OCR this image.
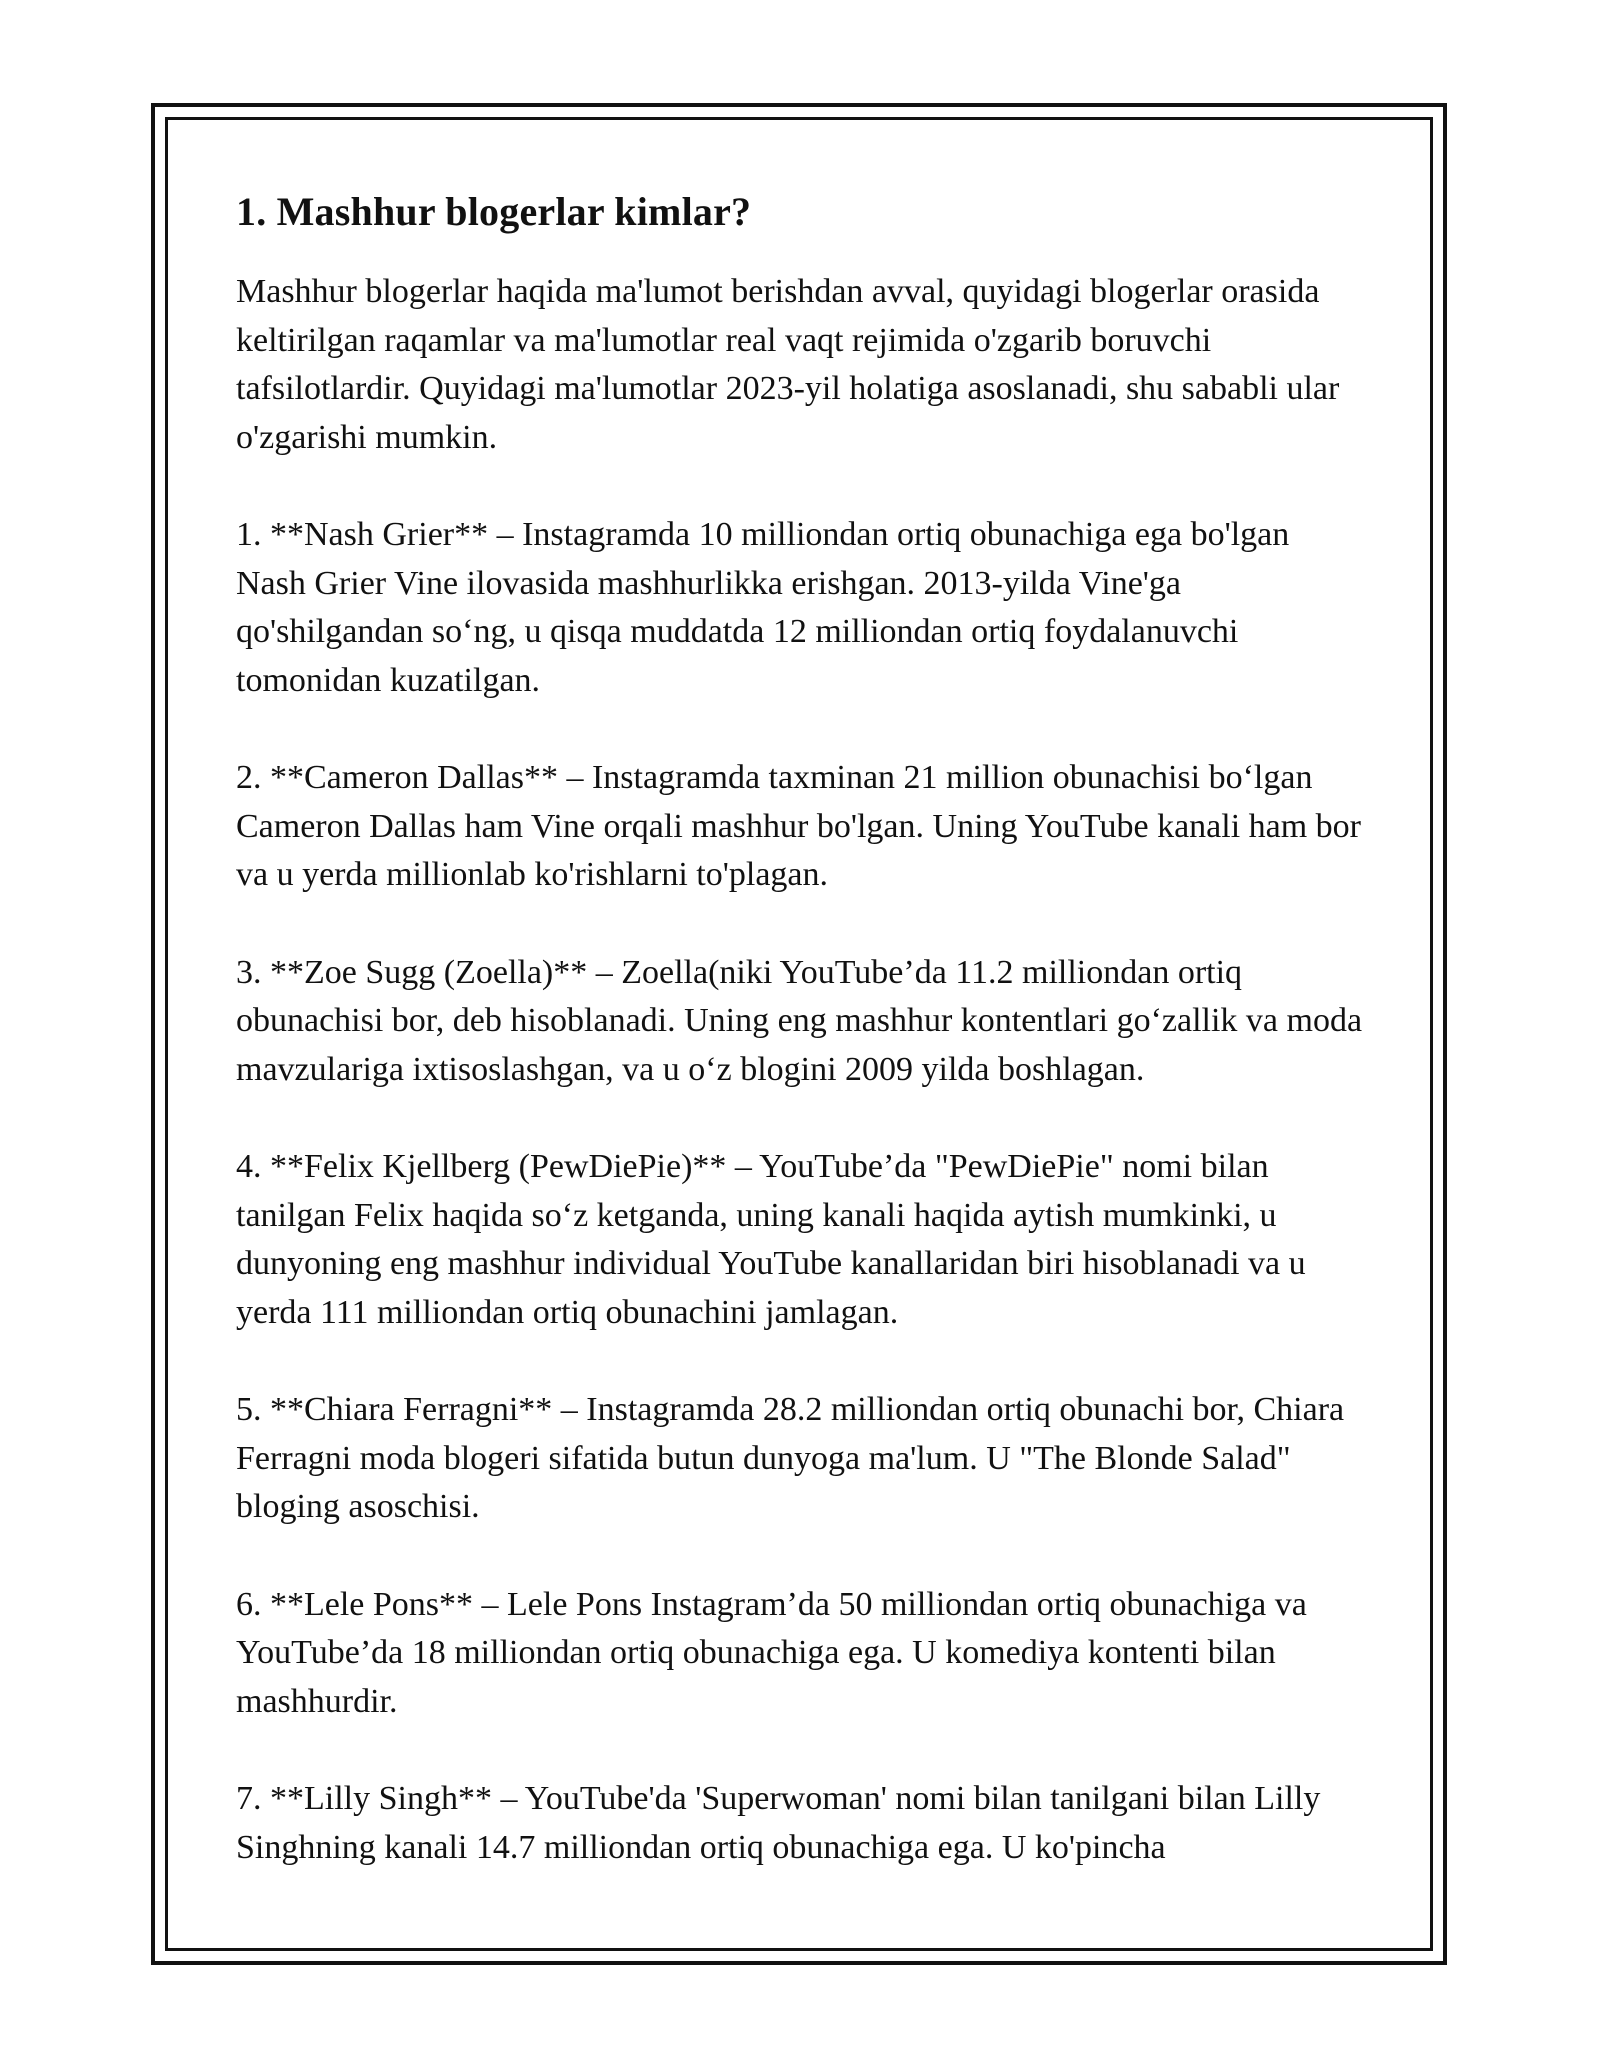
1. Mashhur blogerlar kimlar?

Mashhur blogerlar haqida ma'lumot berishdan avval, quyidagi blogerlar orasida keltirilgan raqamlar va ma'lumotlar real vaqt rejimida o'zgarib boruvchi tafsilotlardir. Quyidagi ma'lumotlar 2023-yil holatiga asoslanadi, shu sababli ular o'zgarishi mumkin.

1. **Nash Grier** – Instagramda 10 milliondan ortiq obunachiga ega bo'lgan Nash Grier Vine ilovasida mashhurlikka erishgan. 2013-yilda Vine'ga qo'shilgandan so‘ng, u qisqa muddatda 12 milliondan ortiq foydalanuvchi tomonidan kuzatilgan.

2. **Cameron Dallas** – Instagramda taxminan 21 million obunachisi bo‘lgan Cameron Dallas ham Vine orqali mashhur bo'lgan. Uning YouTube kanali ham bor va u yerda millionlab ko'rishlarni to'plagan.

3. **Zoe Sugg (Zoella)** – Zoella(niki YouTube’da 11.2 milliondan ortiq obunachisi bor, deb hisoblanadi. Uning eng mashhur kontentlari go‘zallik va moda mavzulariga ixtisoslashgan, va u o‘z blogini 2009 yilda boshlagan.

4. **Felix Kjellberg (PewDiePie)** – YouTube’da "PewDiePie" nomi bilan tanilgan Felix haqida so‘z ketganda, uning kanali haqida aytish mumkinki, u dunyoning eng mashhur individual YouTube kanallaridan biri hisoblanadi va u yerda 111 milliondan ortiq obunachini jamlagan.

5. **Chiara Ferragni** – Instagramda 28.2 milliondan ortiq obunachi bor, Chiara Ferragni moda blogeri sifatida butun dunyoga ma'lum. U "The Blonde Salad" bloging asoschisi.

6. **Lele Pons** – Lele Pons Instagram’da 50 milliondan ortiq obunachiga va YouTube’da 18 milliondan ortiq obunachiga ega. U komediya kontenti bilan mashhurdir.

7. **Lilly Singh** – YouTube'da 'Superwoman' nomi bilan tanilgani bilan Lilly Singhning kanali 14.7 milliondan ortiq obunachiga ega. U ko'pincha
